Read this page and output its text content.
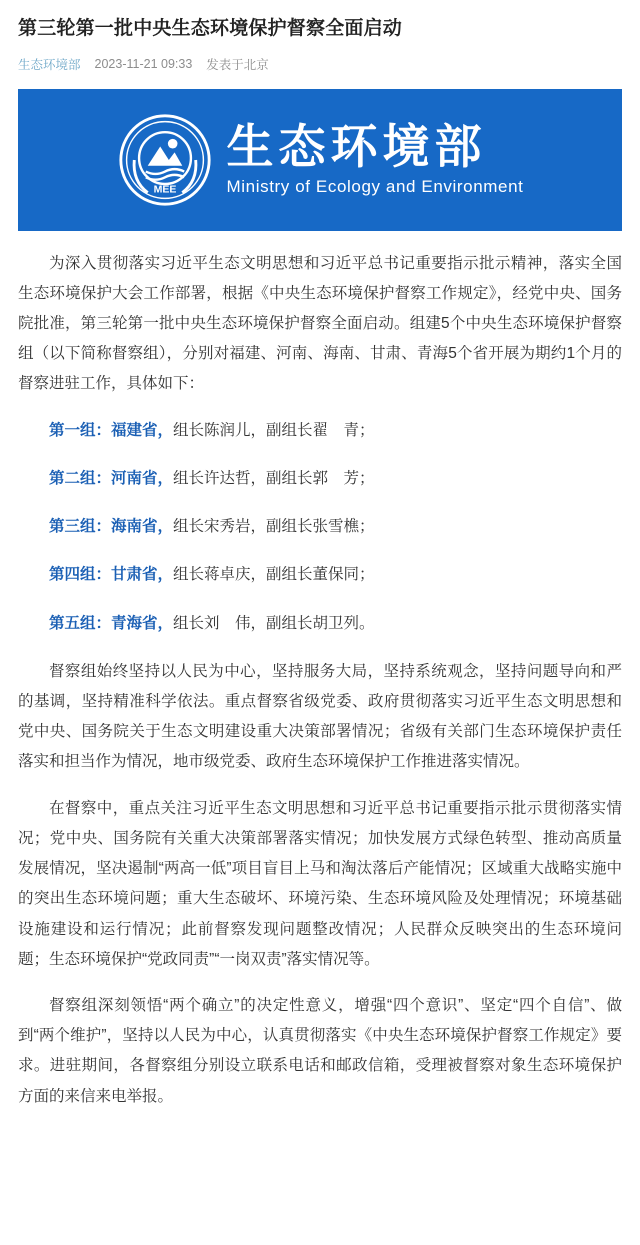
第三轮第一批中央生态环境保护督察全面启动
生态环境部 2023-11-21 09:33 发表于北京
MEE
生态环境部
Ministry of Ecology and Environment

为深入贯彻落实习近平生态文明思想和习近平总书记重要指示批示精神，落实全国生态环境保护大会工作部署，根据《中央生态环境保护督察工作规定》，经党中央、国务院批准，第三轮第一批中央生态环境保护督察全面启动。组建5个中央生态环境保护督察组（以下简称督察组），分别对福建、河南、海南、甘肃、青海5个省开展为期约1个月的督察进驻工作，具体如下：

第一组：福建省，组长陈润儿，副组长翟　青；
第二组：河南省，组长许达哲，副组长郭　芳；
第三组：海南省，组长宋秀岩，副组长张雪樵；
第四组：甘肃省，组长蒋卓庆，副组长董保同；
第五组：青海省，组长刘　伟，副组长胡卫列。

督察组始终坚持以人民为中心，坚持服务大局，坚持系统观念，坚持问题导向和严的基调，坚持精准科学依法。重点督察省级党委、政府贯彻落实习近平生态文明思想和党中央、国务院关于生态文明建设重大决策部署情况；省级有关部门生态环境保护责任落实和担当作为情况，地市级党委、政府生态环境保护工作推进落实情况。

在督察中，重点关注习近平生态文明思想和习近平总书记重要指示批示贯彻落实情况；党中央、国务院有关重大决策部署落实情况；加快发展方式绿色转型、推动高质量发展情况，坚决遏制“两高一低”项目盲目上马和淘汰落后产能情况；区域重大战略实施中的突出生态环境问题；重大生态破坏、环境污染、生态环境风险及处理情况；环境基础设施建设和运行情况；此前督察发现问题整改情况；人民群众反映突出的生态环境问题；生态环境保护“党政同责”“一岗双责”落实情况等。

督察组深刻领悟“两个确立”的决定性意义，增强“四个意识”、坚定“四个自信”、做到“两个维护”，坚持以人民为中心，认真贯彻落实《中央生态环境保护督察工作规定》要求。进驻期间，各督察组分别设立联系电话和邮政信箱，受理被督察对象生态环境保护方面的来信来电举报。
